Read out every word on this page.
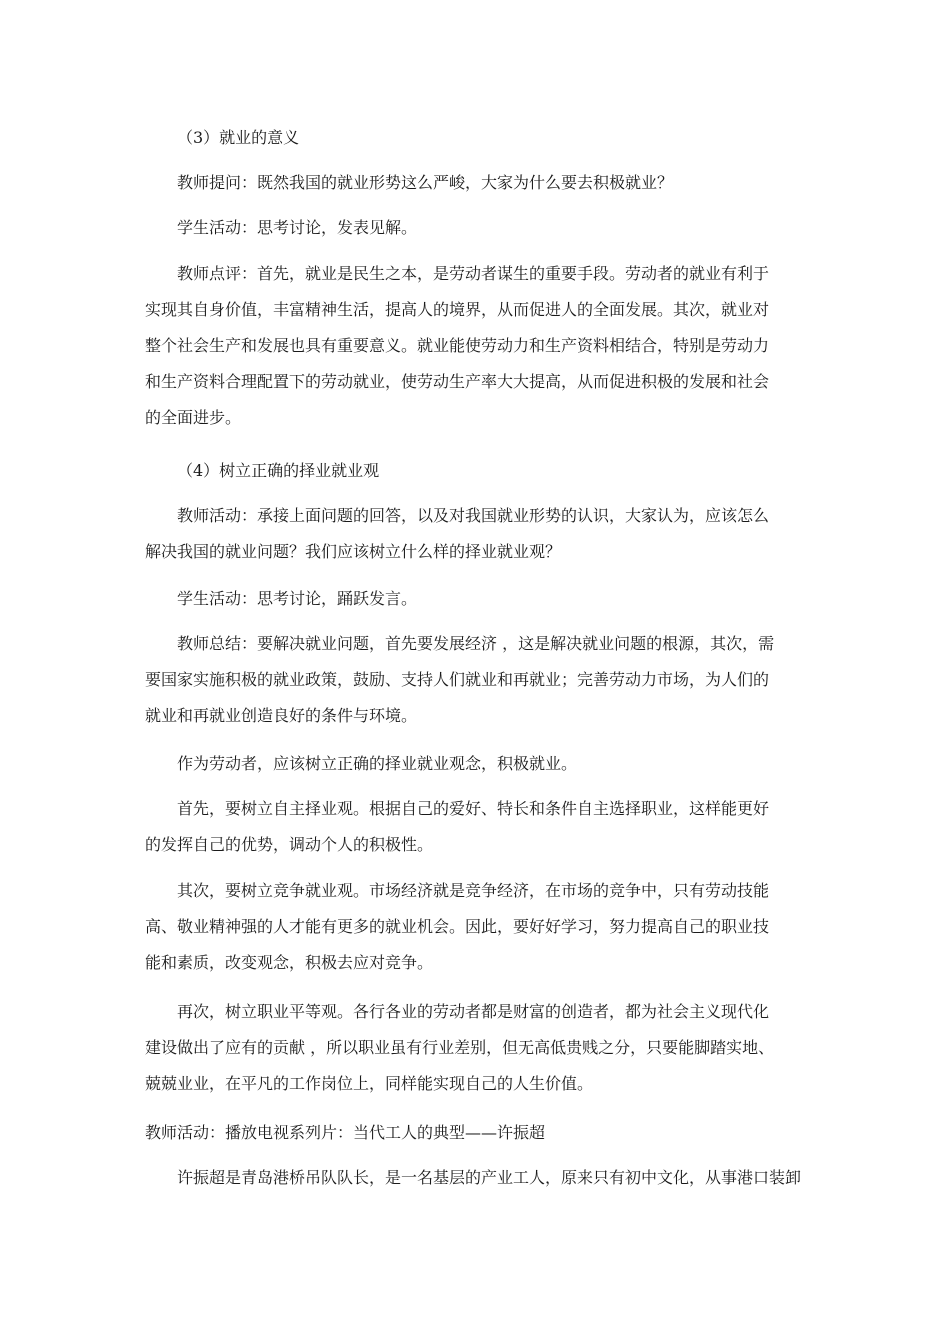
（3）就业的意义
教师提问：既然我国的就业形势这么严峻，大家为什么要去积极就业？
学生活动：思考讨论，发表见解。
教师点评：首先，就业是民生之本，是劳动者谋生的重要手段。劳动者的就业有利于
实现其自身价值，丰富精神生活，提高人的境界，从而促进人的全面发展。其次，就业对
整个社会生产和发展也具有重要意义。就业能使劳动力和生产资料相结合，特别是劳动力
和生产资料合理配置下的劳动就业，使劳动生产率大大提高，从而促进积极的发展和社会
的全面进步。
（4）树立正确的择业就业观
教师活动：承接上面问题的回答，以及对我国就业形势的认识，大家认为，应该怎么
解决我国的就业问题？我们应该树立什么样的择业就业观？
学生活动：思考讨论，踊跃发言。
教师总结：要解决就业问题，首先要发展经济 ，这是解决就业问题的根源，其次，需
要国家实施积极的就业政策，鼓励、支持人们就业和再就业；完善劳动力市场，为人们的
就业和再就业创造良好的条件与环境。
作为劳动者，应该树立正确的择业就业观念，积极就业。
首先，要树立自主择业观。根据自己的爱好、特长和条件自主选择职业，这样能更好
的发挥自己的优势，调动个人的积极性。
其次，要树立竞争就业观。市场经济就是竞争经济，在市场的竞争中，只有劳动技能
高、敬业精神强的人才能有更多的就业机会。因此，要好好学习，努力提高自己的职业技
能和素质，改变观念，积极去应对竞争。
再次，树立职业平等观。各行各业的劳动者都是财富的创造者，都为社会主义现代化
建设做出了应有的贡献 ，所以职业虽有行业差别，但无高低贵贱之分，只要能脚踏实地、
兢兢业业，在平凡的工作岗位上，同样能实现自己的人生价值。
教师活动：播放电视系列片：当代工人的典型——许振超
许振超是青岛港桥吊队队长，是一名基层的产业工人，原来只有初中文化，从事港口装卸
